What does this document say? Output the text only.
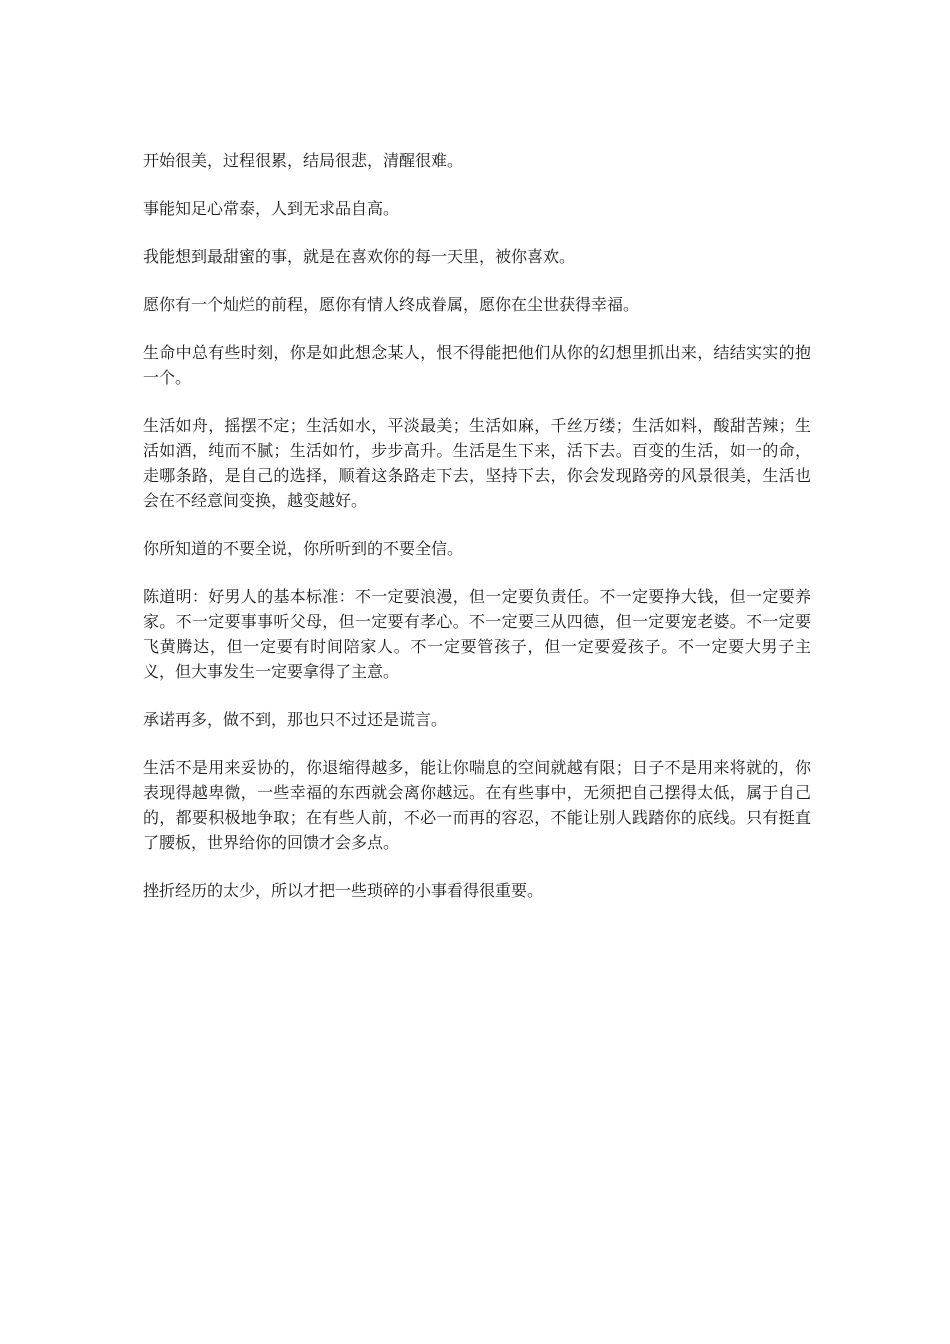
开始很美，过程很累，结局很悲，清醒很难。

事能知足心常泰，人到无求品自高。

我能想到最甜蜜的事，就是在喜欢你的每一天里，被你喜欢。

愿你有一个灿烂的前程，愿你有情人终成眷属，愿你在尘世获得幸福。

生命中总有些时刻，你是如此想念某人，恨不得能把他们从你的幻想里抓出来，结结实实的抱一个。

生活如舟，摇摆不定；生活如水，平淡最美；生活如麻，千丝万缕；生活如料，酸甜苦辣；生活如酒，纯而不腻；生活如竹，步步高升。生活是生下来，活下去。百变的生活，如一的命，走哪条路，是自己的选择，顺着这条路走下去，坚持下去，你会发现路旁的风景很美，生活也会在不经意间变换，越变越好。

你所知道的不要全说，你所听到的不要全信。

陈道明：好男人的基本标准：不一定要浪漫，但一定要负责任。不一定要挣大钱，但一定要养家。不一定要事事听父母，但一定要有孝心。不一定要三从四德，但一定要宠老婆。不一定要飞黄腾达，但一定要有时间陪家人。不一定要管孩子，但一定要爱孩子。不一定要大男子主义，但大事发生一定要拿得了主意。

承诺再多，做不到，那也只不过还是谎言。

生活不是用来妥协的，你退缩得越多，能让你喘息的空间就越有限；日子不是用来将就的，你表现得越卑微，一些幸福的东西就会离你越远。在有些事中，无须把自己摆得太低，属于自己的，都要积极地争取；在有些人前，不必一而再的容忍，不能让别人践踏你的底线。只有挺直了腰板，世界给你的回馈才会多点。

挫折经历的太少，所以才把一些琐碎的小事看得很重要。
